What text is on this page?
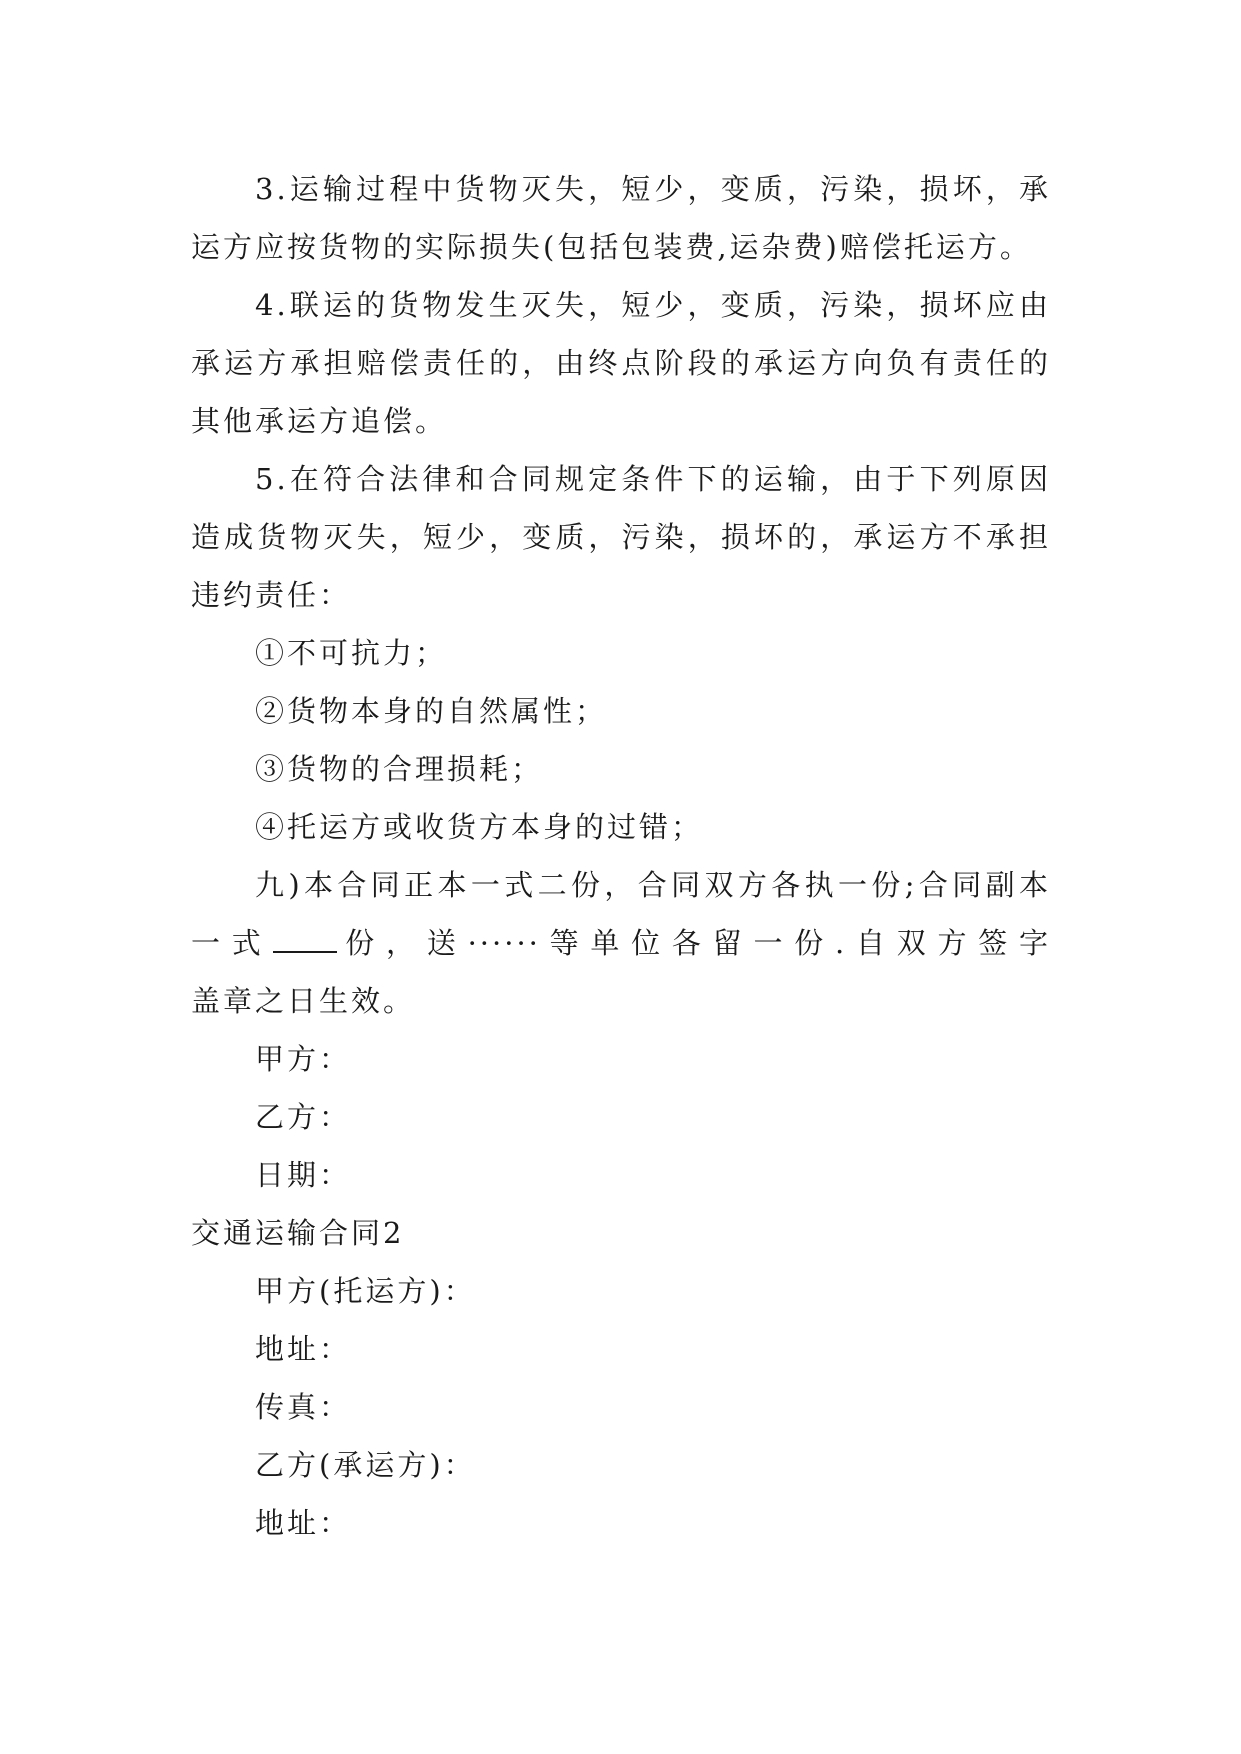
3.运输过程中货物灭失，短少，变质，污染，损坏，承
运方应按货物的实际损失(包括包装费,运杂费)赔偿托运方。
4.联运的货物发生灭失，短少，变质，污染，损坏应由
承运方承担赔偿责任的，由终点阶段的承运方向负有责任的
其他承运方追偿。
5.在符合法律和合同规定条件下的运输，由于下列原因
造成货物灭失，短少，变质，污染，损坏的，承运方不承担
违约责任：
①不可抗力；
②货物本身的自然属性；
③货物的合理损耗；
④托运方或收货方本身的过错；
九)本合同正本一式二份，合同双方各执一份;合同副本
一式 份，送······等单位各留一份.自双方签字
盖章之日生效。
甲方：
乙方：
日期：
交通运输合同2
甲方(托运方)：
地址：
传真：
乙方(承运方)：
地址：
